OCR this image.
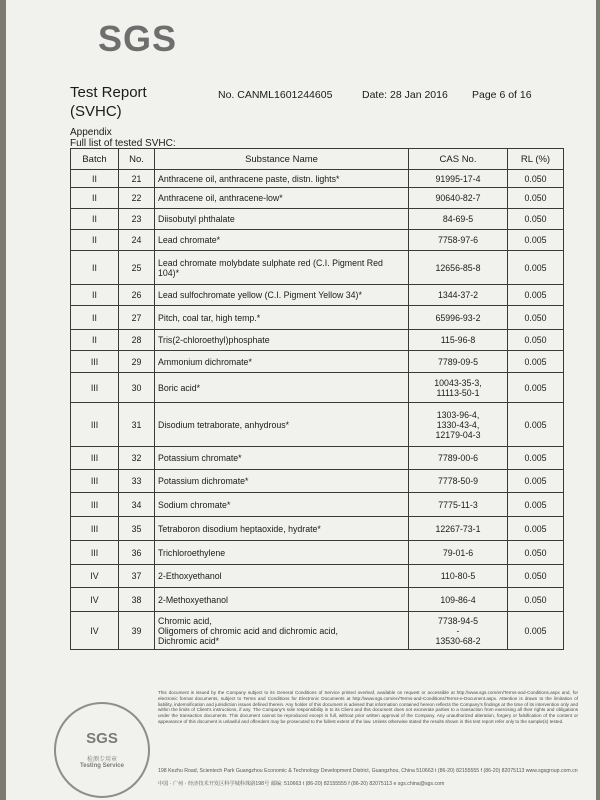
SGS
Test Report
(SVHC)
No. CANML1601244605	Date: 28 Jan 2016 Page 6 of 16
Appendix
Full list of tested SVHC:
Batch	No.	Substance Name	CAS No.	RL (%)
II	21	Anthracene oil, anthracene paste, distn. lights*	91995-17-4	0.050
II	22	Anthracene oil, anthracene-low*	90640-82-7	0.050
II	23	Diisobutyl phthalate	84-69-5	0.050
II	24	Lead chromate*	7758-97-6	0.005
II	25	Lead chromate molybdate sulphate red (C.I. Pigment Red 104)*	12656-85-8	0.005
II	26	Lead sulfochromate yellow (C.I. Pigment Yellow 34)*	1344-37-2	0.005
II	27	Pitch, coal tar, high temp.*	65996-93-2	0.050
II	28	Tris(2-chloroethyl)phosphate	115-96-8	0.050
III	29	Ammonium dichromate*	7789-09-5	0.005
III	30	Boric acid*	10043-35-3,
11113-50-1	0.005
III	31	Disodium tetraborate, anhydrous*	1303-96-4,
1330-43-4,
12179-04-3	0.005
III	32	Potassium chromate*	7789-00-6	0.005
III	33	Potassium dichromate*	7778-50-9	0.005
III	34	Sodium chromate*	7775-11-3	0.005
III	35	Tetraboron disodium heptaoxide, hydrate*	12267-73-1	0.005
III	36	Trichloroethylene	79-01-6	0.050
IV	37	2-Ethoxyethanol	110-80-5	0.050
IV	38	2-Methoxyethanol	109-86-4	0.050
IV	39	Chromic acid,
Oligomers of chromic acid and dichromic acid,
Dichromic acid*	7738-94-5
-
13530-68-2	0.005
SGS
检测专用章
Testing Service
This document is issued by the Company subject to its General Conditions of Service printed overleaf, available on request or accessible at http://www.sgs.com/en/Terms-and-Conditions.aspx and, for electronic format documents, subject to Terms and Conditions for Electronic Documents at http://www.sgs.com/en/Terms-and-Conditions/Terms-e-Document.aspx. Attention is drawn to the limitation of liability, indemnification and jurisdiction issues defined therein. Any holder of this document is advised that information contained hereon reflects the Company's findings at the time of its intervention only and within the limits of Client's instructions, if any. The Company's sole responsibility is to its Client and this document does not exonerate parties to a transaction from exercising all their rights and obligations under the transaction documents. This document cannot be reproduced except in full, without prior written approval of the Company. Any unauthorized alteration, forgery or falsification of the content or appearance of this document is unlawful and offenders may be prosecuted to the fullest extent of the law. Unless otherwise stated the results shown in this test report refer only to the sample(s) tested.
198 Kezhu Road, Scientech Park Guangzhou Economic & Technology Development District, Guangzhou, China 510663 t (86-20) 82155555 f (86-20) 82075113 www.sgsgroup.com.cn
中国 · 广州 · 经济技术开发区科学城科珠路198号 邮编: 510663 t (86-20) 82155555 f (86-20) 82075113 e sgs.china@sgs.com
